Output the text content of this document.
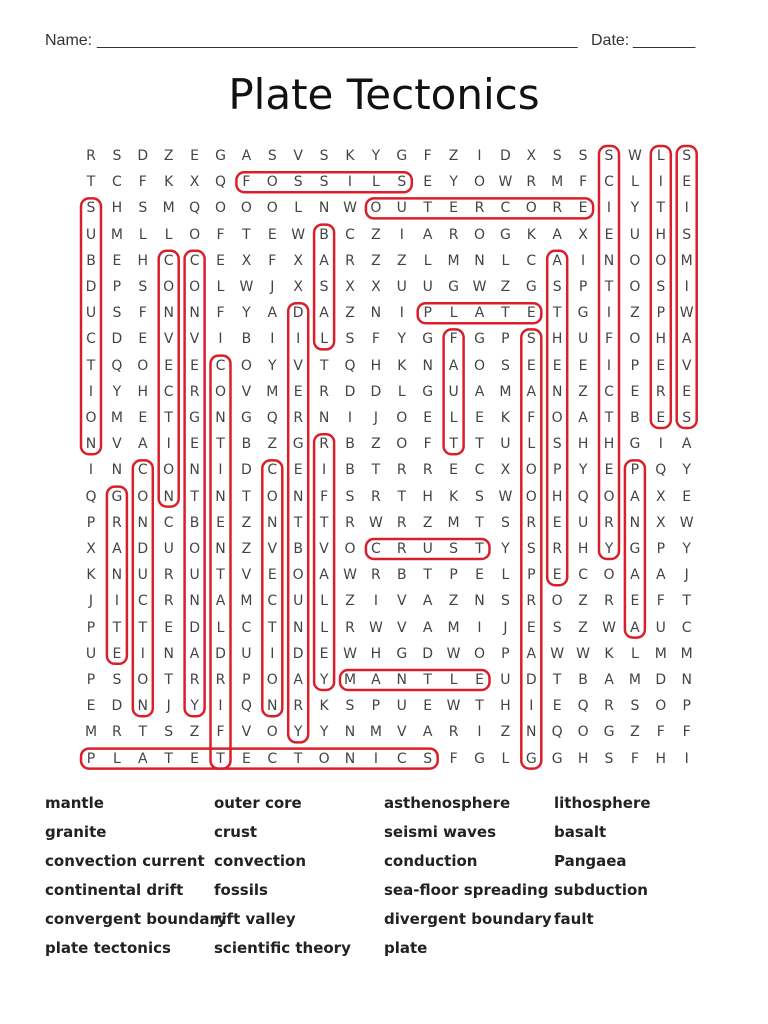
Name: ______________________________________________________ Date: _______
Plate Tectonics
R	S	D	Z	E	G	A	S	V	S	K	Y	G	F	Z	I	D	X	S	S	S	W	L	S
T	C	F	K	X	Q	F	O	S	S	I	L	S	E	Y	O W	R	M	F	C	L	I	E
S	H	S	M	Q	O	O	O	L	N W O	U	T	E	R	C	O	R	E	I	Y	T	I
U	M	L	L	O	F	T	E	W	B	C	Z	I	A	R	O	G	K	A	X	E	U	H	S
B	E	H	C	C	E	X	F	X	A	R	Z	Z	L	M	N	L	C	A	I	N	O	O	M
D	P	S	O	O	L	W	J	X	S	X	X	U	U	G W	Z	G	S	P	T	O	S	I
U	S	F	N	N	F	Y	A	D	A	Z	N	I	P	L	A	T	E	T	G	I	Z	P	W
C	D	E	V	V	I	B	I	I	L	S	F	Y	G	F	G	P	S	H	U	F	O	H	A
T	Q	O	E	E	C	O	Y	V	T	Q	H	K	N	A	O	S	E	E	E	I	P	E	V
I	Y	H	C	R	O	V	M	E	R	D	D	L	G	U	A	M	A	N	Z	C	E	R	E
O	M	E	T	G	N	G	Q	R	N	I	J	O	E	L	E	K	F	O	A	T	B	E	S
N	V	A	I	E	T	B	Z	G	R	B	Z	O	F	T	T	U	L	S	H	H	G	I	A
I	N	C	O	N	I	D	C	E	I	B	T	R	R	E	C	X	O	P	Y	E	P	Q	Y
Q	G	O	N	T	N	T	O	N	F	S	R	T	H	K	S	W O	H	Q	O	A	X	E
P	R	N	C	B	E	Z	N	T	T	R	W	R	Z	M	T	S	R	E	U	R	N	X	W
X	A	D	U	O	N	Z	V	B	V	O	C	R	U	S	T	Y	S	R	H	Y	G	P	Y
K	N	U	R	U	T	V	E	O	A	W	R	B	T	P	E	L	P	E	C	O	A	A	J
J	I	C	R	N	A	M	C	U	L	Z	I	V	A	Z	N	S	R	O	Z	R	E	F	T
P	T	T	E	D	L	C	T	N	L	R	W	V	A	M	I	J	E	S	Z	W	A	U	C
U	E	I	N	A	D	U	I	D	E	W H	G	D W O	P	A	W W	K	L	M M
P	S	O	T	R	R	P	O	A	Y	M	A	N	T	L	E	U	D	T	B	A	M	D	N
E	D	N	J	Y	I	Q	N	R	K	S	P	U	E	W	T	H	I	E	Q	R	S	O	P
M	R	T	S	Z	F	V	O	Y	Y	N	M	V	A	R	I	Z	N	Q	O	G	Z	F	F
P	L	A	T	E	T	E	C	T	O	N	I	C	S	F	G	L	G	G	H	S	F	H	I
mantle
granite
convection current
continental drift
convergent boundary
plate tectonics
outer core
crust
convection
fossils
rift valley
scientific theory
asthenosphere
seismi waves
conduction
sea-floor spreading
divergent boundary
plate
lithosphere
basalt
Pangaea
subduction
fault
